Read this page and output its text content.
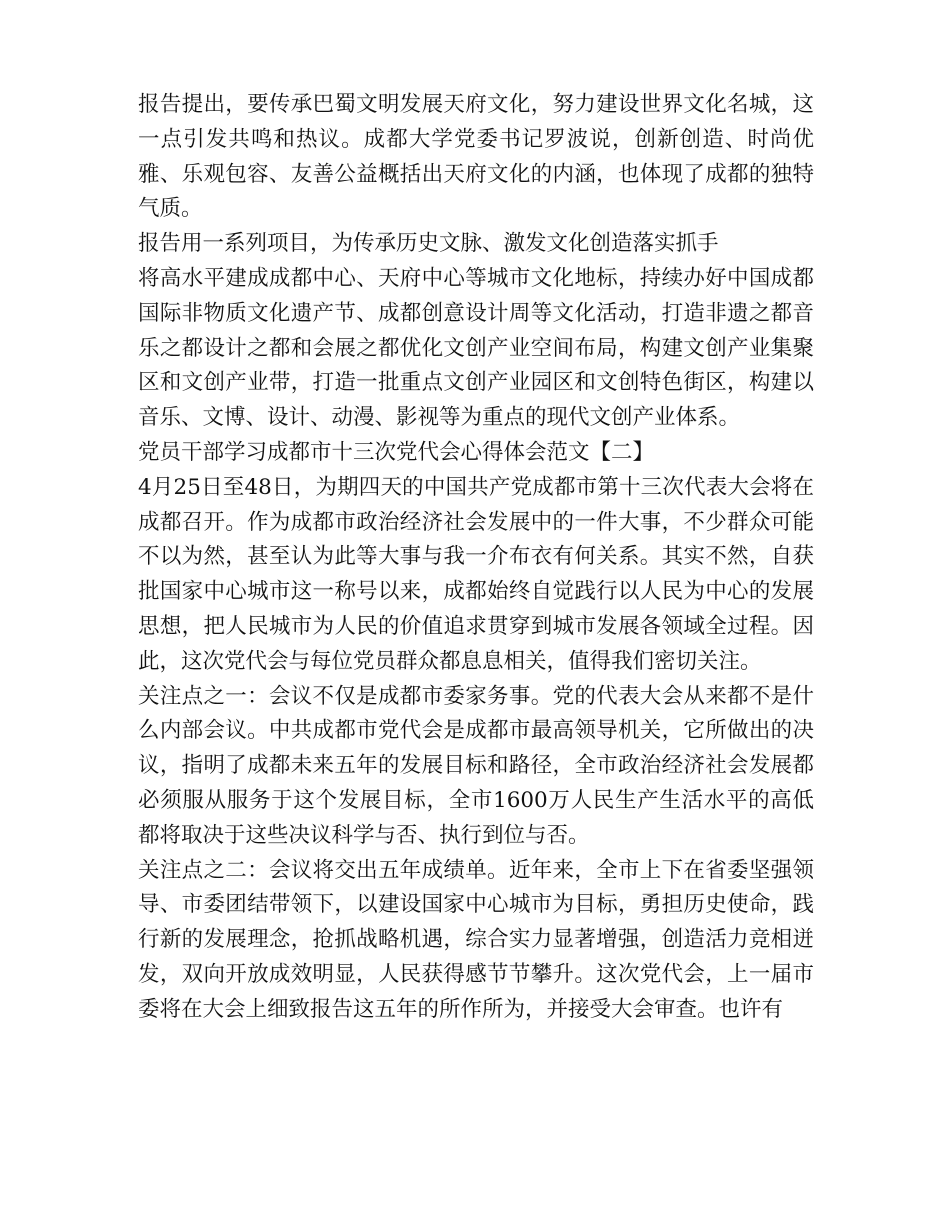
报告提出，要传承巴蜀文明发展天府文化，努力建设世界文化名城，这一点引发共鸣和热议。成都大学党委书记罗波说，创新创造、时尚优雅、乐观包容、友善公益概括出天府文化的内涵，也体现了成都的独特气质。

报告用一系列项目，为传承历史文脉、激发文化创造落实抓手

将高水平建成成都中心、天府中心等城市文化地标，持续办好中国成都国际非物质文化遗产节、成都创意设计周等文化活动，打造非遗之都音乐之都设计之都和会展之都优化文创产业空间布局，构建文创产业集聚区和文创产业带，打造一批重点文创产业园区和文创特色街区，构建以音乐、文博、设计、动漫、影视等为重点的现代文创产业体系。

党员干部学习成都市十三次党代会心得体会范文【二】

4月25日至48日，为期四天的中国共产党成都市第十三次代表大会将在成都召开。作为成都市政治经济社会发展中的一件大事，不少群众可能不以为然，甚至认为此等大事与我一介布衣有何关系。其实不然，自获批国家中心城市这一称号以来，成都始终自觉践行以人民为中心的发展思想，把人民城市为人民的价值追求贯穿到城市发展各领域全过程。因此，这次党代会与每位党员群众都息息相关，值得我们密切关注。

关注点之一：会议不仅是成都市委家务事。党的代表大会从来都不是什么内部会议。中共成都市党代会是成都市最高领导机关，它所做出的决议，指明了成都未来五年的发展目标和路径，全市政治经济社会发展都必须服从服务于这个发展目标，全市1600万人民生产生活水平的高低都将取决于这些决议科学与否、执行到位与否。

关注点之二：会议将交出五年成绩单。近年来，全市上下在省委坚强领导、市委团结带领下，以建设国家中心城市为目标，勇担历史使命，践行新的发展理念，抢抓战略机遇，综合实力显著增强，创造活力竞相迸发，双向开放成效明显，人民获得感节节攀升。这次党代会，上一届市委将在大会上细致报告这五年的所作所为，并接受大会审查。也许有
